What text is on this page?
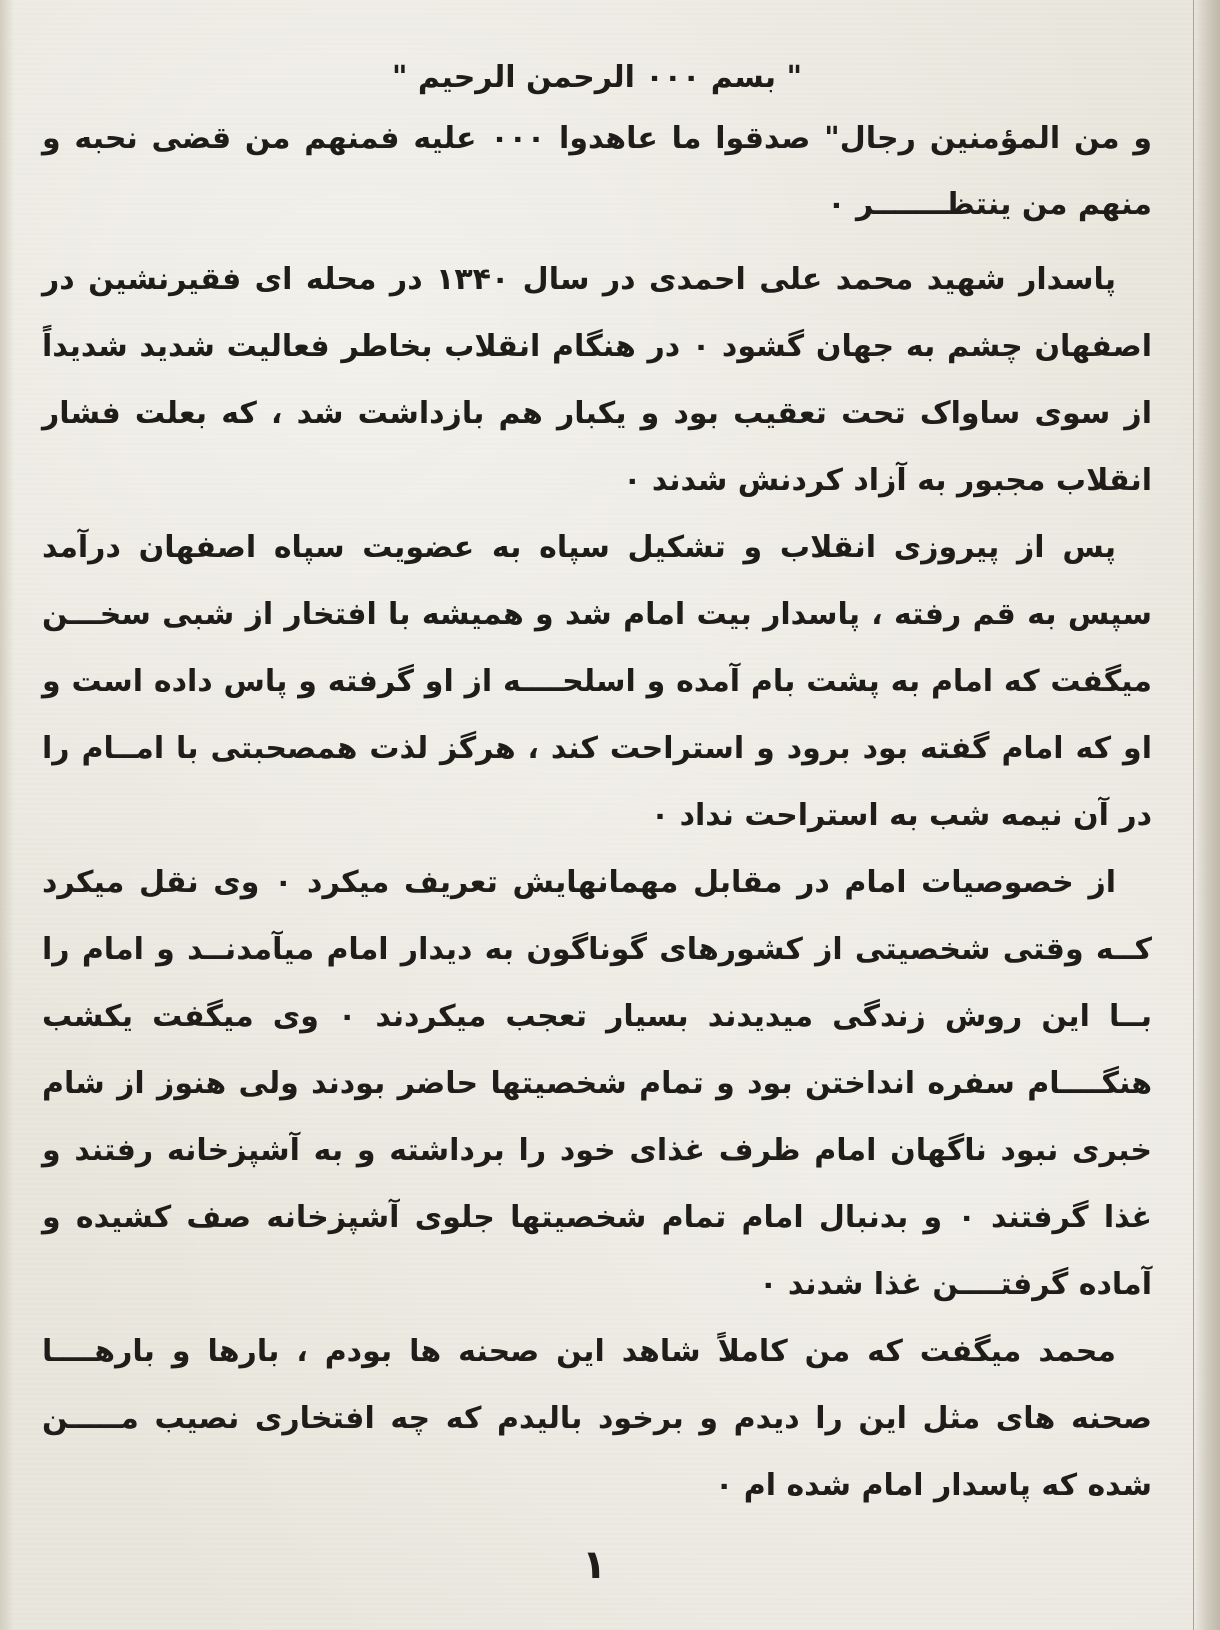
" بسم ۰۰۰ الرحمن الرحیم "

و من المؤمنین رجال" صدقوا ما عاهدوا ۰۰۰ علیه فمنهم من قضی نحبه و منهم من ینتظـــــــر ۰

پاسدار شهید محمد علی احمدی در سال ۱۳۴۰ در محله ای فقیرنشین در اصفهان چشم به جهان گشود ۰ در هنگام انقلاب بخاطر فعالیت شدید شدیداً از سوی ساواک تحت تعقیب بود و یکبار هم بازداشت شد ، که بعلت فشار انقلاب مجبور به آزاد کردنش شدند ۰

پس از پیروزی انقلاب و تشکیل سپاه به عضویت سپاه اصفهان درآمد سپس به قم رفته ، پاسدار بیت امام شد و همیشه با افتخار از شبی سخـــن میگفت که امام به پشت بام آمده و اسلحــــه از او گرفته و پاس داده است و او که امام گفته بود برود و استراحت کند ، هرگز لذت همصحبتی با امــام را در آن نیمه شب به استراحت نداد ۰

از خصوصیات امام در مقابل مهمانهایش تعریف میکرد ۰ وی نقل میکرد کــه وقتی شخصیتی از کشورهای گوناگون به دیدار امام میآمدنــد و امام را بــا این روش زندگی میدیدند بسیار تعجب میکردند ۰ وی میگفت یکشب هنگــــام سفره انداختن بود و تمام شخصیتها حاضر بودند ولی هنوز از شام خبری نبود ناگهان امام ظرف غذای خود را برداشته و به آشپزخانه رفتند و غذا گرفتند ۰ و بدنبال امام تمام شخصیتها جلوی آشپزخانه صف کشیده و آماده گرفتــــن غذا شدند ۰

محمد میگفت که من کاملاً شاهد این صحنه ها بودم ، بارها و بارهــــا صحنه های مثل این را دیدم و برخود بالیدم که چه افتخاری نصیب مـــــن شده که پاسدار امام شده ام ۰

۱
